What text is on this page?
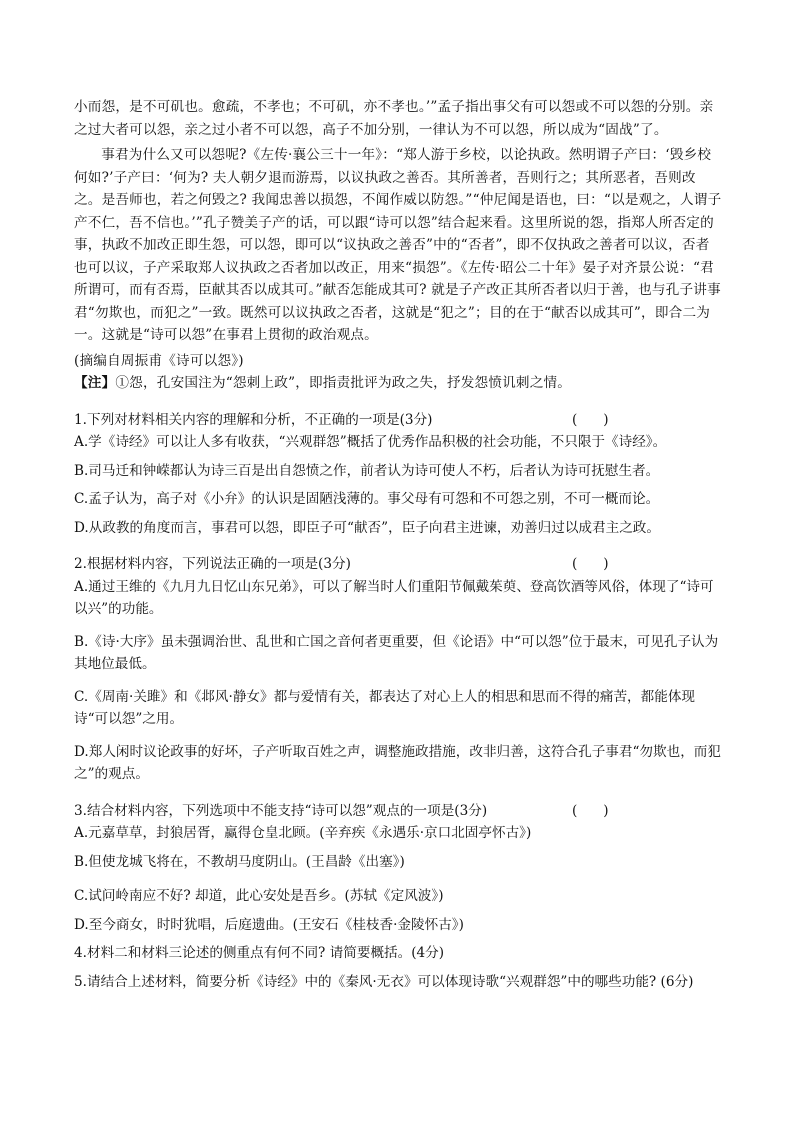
小而怨，是不可矶也。愈疏，不孝也；不可矶，亦不孝也。’”孟子指出事父有可以怨或不可以怨的分别。亲之过大者可以怨，亲之过小者不可以怨，高子不加分别，一律认为不可以怨，所以成为“固战”了。

事君为什么又可以怨呢?《左传·襄公三十一年》：“郑人游于乡校，以论执政。然明谓子产曰：‘毁乡校何如?’子产曰：‘何为? 夫人朝夕退而游焉，以议执政之善否。其所善者，吾则行之；其所恶者，吾则改之。是吾师也，若之何毁之? 我闻忠善以损怨，不闻作威以防怨。”“仲尼闻是语也，曰：“以是观之，人谓子产不仁，吾不信也。’”孔子赞美子产的话，可以跟“诗可以怨”结合起来看。这里所说的怨，指郑人所否定的事，执政不加改正即生怨，可以怨，即可以“议执政之善否”中的“否者”，即不仅执政之善者可以议，否者也可以议，子产采取郑人议执政之否者加以改正，用来“损怨”。《左传·昭公二十年》晏子对齐景公说：“君所谓可，而有否焉，臣献其否以成其可。”献否怎能成其可? 就是子产改正其所否者以归于善，也与孔子讲事君“勿欺也，而犯之”一致。既然可以议执政之否者，这就是“犯之”；目的在于“献否以成其可”，即合二为一。这就是“诗可以怨”在事君上贯彻的政治观点。

(摘编自周振甫《诗可以怨》)

【注】①怨，孔安国注为“怨刺上政”，即指责批评为政之失，抒发怨愤讥刺之情。

1.下列对材料相关内容的理解和分析，不正确的一项是(3分)	(      )

A.学《诗经》可以让人多有收获，“兴观群怨”概括了优秀作品积极的社会功能，不只限于《诗经》。

B.司马迁和钟嵘都认为诗三百是出自怨愤之作，前者认为诗可使人不朽，后者认为诗可抚慰生者。

C.孟子认为，高子对《小弁》的认识是固陋浅薄的。事父母有可怨和不可怨之别，不可一概而论。

D.从政教的角度而言，事君可以怨，即臣子可“献否”，臣子向君主进谏，劝善归过以成君主之政。

2.根据材料内容，下列说法正确的一项是(3分)	(      )

A.通过王维的《九月九日忆山东兄弟》，可以了解当时人们重阳节佩戴茱萸、登高饮酒等风俗，体现了“诗可以兴”的功能。

B.《诗·大序》虽未强调治世、乱世和亡国之音何者更重要，但《论语》中“可以怨”位于最末，可见孔子认为其地位最低。

C.《周南·关雎》和《邶风·静女》都与爱情有关，都表达了对心上人的相思和思而不得的痛苦，都能体现诗“可以怨”之用。

D.郑人闲时议论政事的好坏，子产听取百姓之声，调整施政措施，改非归善，这符合孔子事君“勿欺也，而犯之”的观点。

3.结合材料内容，下列选项中不能支持“诗可以怨”观点的一项是(3分)	(      )

A.元嘉草草，封狼居胥，赢得仓皇北顾。(辛弃疾《永遇乐·京口北固亭怀古》)

B.但使龙城飞将在，不教胡马度阴山。(王昌龄《出塞》)

C.试问岭南应不好? 却道，此心安处是吾乡。(苏轼《定风波》)

D.至今商女，时时犹唱，后庭遗曲。(王安石《桂枝香·金陵怀古》)

4.材料二和材料三论述的侧重点有何不同? 请简要概括。(4分)

5.请结合上述材料，简要分析《诗经》中的《秦风·无衣》可以体现诗歌“兴观群怨”中的哪些功能? (6分)
